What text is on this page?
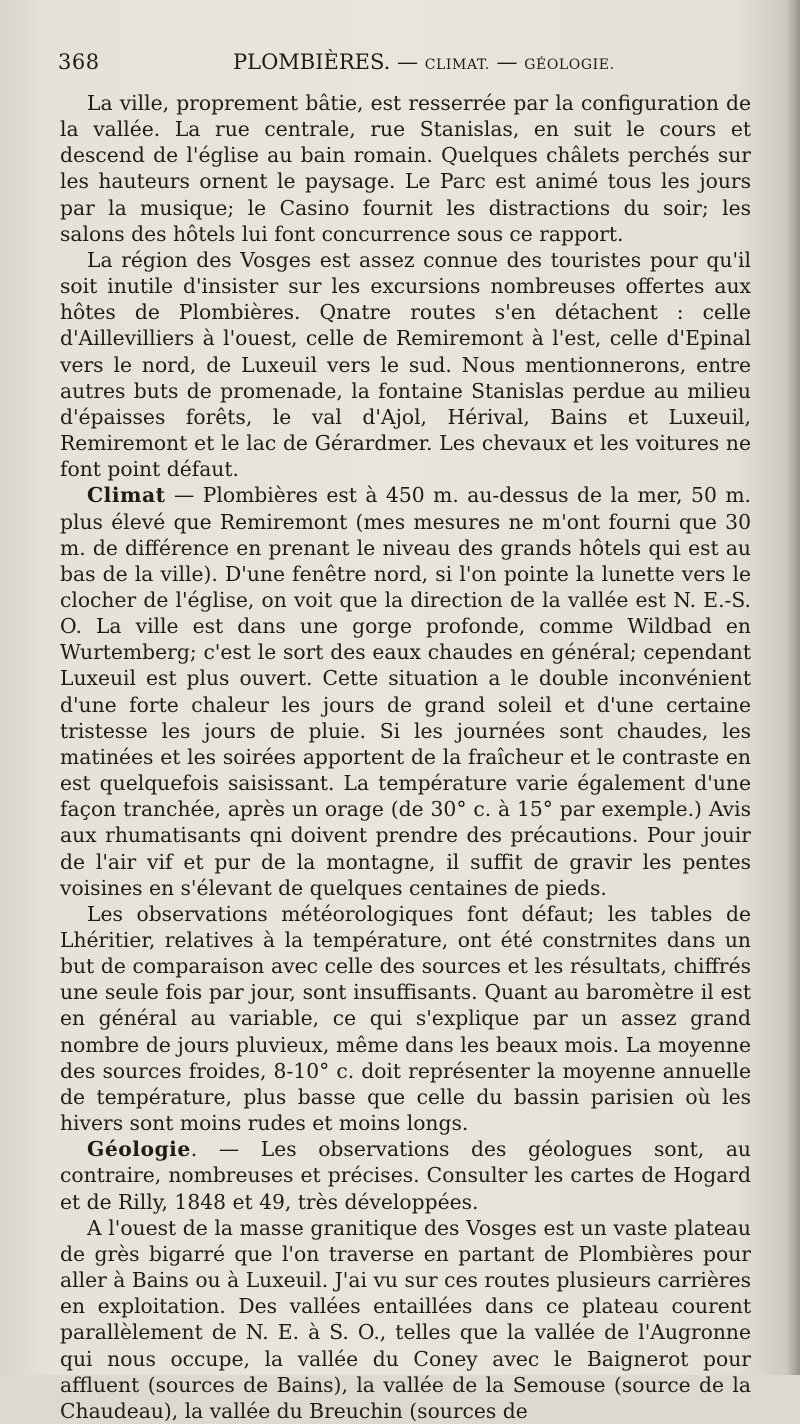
368	PLOMBIÈRES. — CLIMAT. — GÉOLOGIE.

La ville, proprement bâtie, est resserrée par la configuration de la vallée. La rue centrale, rue Stanislas, en suit le cours et descend de l'église au bain romain. Quelques châlets perchés sur les hauteurs ornent le paysage. Le Parc est animé tous les jours par la musique; le Casino fournit les distractions du soir; les salons des hôtels lui font concurrence sous ce rapport.

La région des Vosges est assez connue des touristes pour qu'il soit inutile d'insister sur les excursions nombreuses offertes aux hôtes de Plombières. Qnatre routes s'en détachent : celle d'Aillevilliers à l'ouest, celle de Remiremont à l'est, celle d'Epinal vers le nord, de Luxeuil vers le sud. Nous mentionnerons, entre autres buts de promenade, la fontaine Stanislas perdue au milieu d'épaisses forêts, le val d'Ajol, Hérival, Bains et Luxeuil, Remiremont et le lac de Gérardmer. Les chevaux et les voitures ne font point défaut.

Climat — Plombières est à 450 m. au-dessus de la mer, 50 m. plus élevé que Remiremont (mes mesures ne m'ont fourni que 30 m. de différence en prenant le niveau des grands hôtels qui est au bas de la ville). D'une fenêtre nord, si l'on pointe la lunette vers le clocher de l'église, on voit que la direction de la vallée est N. E.-S. O. La ville est dans une gorge profonde, comme Wildbad en Wurtemberg; c'est le sort des eaux chaudes en général; cependant Luxeuil est plus ouvert. Cette situation a le double inconvénient d'une forte chaleur les jours de grand soleil et d'une certaine tristesse les jours de pluie. Si les journées sont chaudes, les matinées et les soirées apportent de la fraîcheur et le contraste en est quelquefois saisissant. La température varie également d'une façon tranchée, après un orage (de 30° c. à 15° par exemple.) Avis aux rhumatisants qni doivent prendre des précautions. Pour jouir de l'air vif et pur de la montagne, il suffit de gravir les pentes voisines en s'élevant de quelques centaines de pieds.

Les observations météorologiques font défaut; les tables de Lhéritier, relatives à la température, ont été constrnites dans un but de comparaison avec celle des sources et les résultats, chiffrés une seule fois par jour, sont insuffisants. Quant au baromètre il est en général au variable, ce qui s'explique par un assez grand nombre de jours pluvieux, même dans les beaux mois. La moyenne des sources froides, 8-10° c. doit représenter la moyenne annuelle de température, plus basse que celle du bassin parisien où les hivers sont moins rudes et moins longs.

Géologie. — Les observations des géologues sont, au contraire, nombreuses et précises. Consulter les cartes de Hogard et de Rilly, 1848 et 49, très développées.

A l'ouest de la masse granitique des Vosges est un vaste plateau de grès bigarré que l'on traverse en partant de Plombières pour aller à Bains ou à Luxeuil. J'ai vu sur ces routes plusieurs carrières en exploitation. Des vallées entaillées dans ce plateau courent parallèlement de N. E. à S. O., telles que la vallée de l'Augronne qui nous occupe, la vallée du Coney avec le Baignerot pour affluent (sources de Bains), la vallée de la Semouse (source de la Chaudeau), la vallée du Breuchin (sources de
